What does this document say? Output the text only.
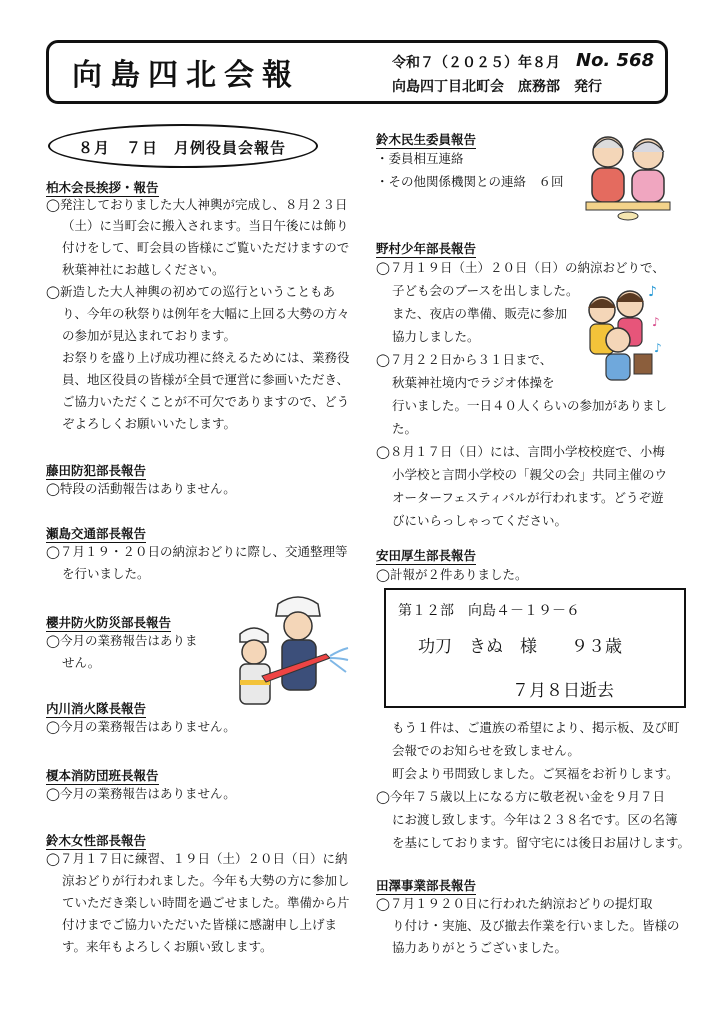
向島四北会報	令和７（２０２５）年８月 No. 568
向島四丁目北町会　庶務部　発行
８月　７日　月例役員会報告
柏木会長挨拶・報告
◯発注しておりました大人神輿が完成し、８月２３日
（土）に当町会に搬入されます。当日午後には飾り
付けをして、町会員の皆様にご覧いただけますので
秋葉神社にお越しください。
◯新造した大人神輿の初めての巡行ということもあ
り、今年の秋祭りは例年を大幅に上回る大勢の方々
の参加が見込まれております。
お祭りを盛り上げ成功裡に終えるためには、業務役
員、地区役員の皆様が全員で運営に参画いただき、
ご協力いただくことが不可欠でありますので、どう
ぞよろしくお願いいたします。
藤田防犯部長報告
◯特段の活動報告はありません。
瀬島交通部長報告
◯７月１９・２０日の納涼おどりに際し、交通整理等
を行いました。
櫻井防火防災部長報告
◯今月の業務報告はありま
せん。
内川消火隊長報告
◯今月の業務報告はありません。
榎本消防団班長報告
◯今月の業務報告はありません。
鈴木女性部長報告
◯７月１７日に練習、１９日（土）２０日（日）に納
涼おどりが行われました。今年も大勢の方に参加し
ていただき楽しい時間を過ごせました。準備から片
付けまでご協力いただいた皆様に感謝申し上げま
す。来年もよろしくお願い致します。
鈴木民生委員報告
・委員相互連絡
・その他関係機関との連絡　６回
野村少年部長報告
◯７月１９日（土）２０日（日）の納涼おどりで、
子ども会のブースを出しました。
また、夜店の準備、販売に参加
協力しました。
◯７月２２日から３１日まで、
秋葉神社境内でラジオ体操を
行いました。一日４０人くらいの参加がありまし
た。
◯８月１７日（日）には、言問小学校校庭で、小梅
小学校と言問小学校の「親父の会」共同主催のウ
オーターフェスティバルが行われます。どうぞ遊
びにいらっしゃってください。
安田厚生部長報告
◯計報が２件ありました。
第１２部　向島４－１９－６
功刀　きぬ　様　　９３歳
７月８日逝去
もう１件は、ご遺族の希望により、掲示板、及び町
会報でのお知らせを致しません。
町会より弔問致しました。ご冥福をお祈りします。
◯今年７５歳以上になる方に敬老祝い金を９月７日
にお渡し致します。今年は２３８名です。区の名簿
を基にしております。留守宅には後日お届けします。
田澤事業部長報告
◯７月１９２０日に行われた納涼おどりの提灯取
り付け・実施、及び撤去作業を行いました。皆様の
協力ありがとうございました。
♪
♪
♪
